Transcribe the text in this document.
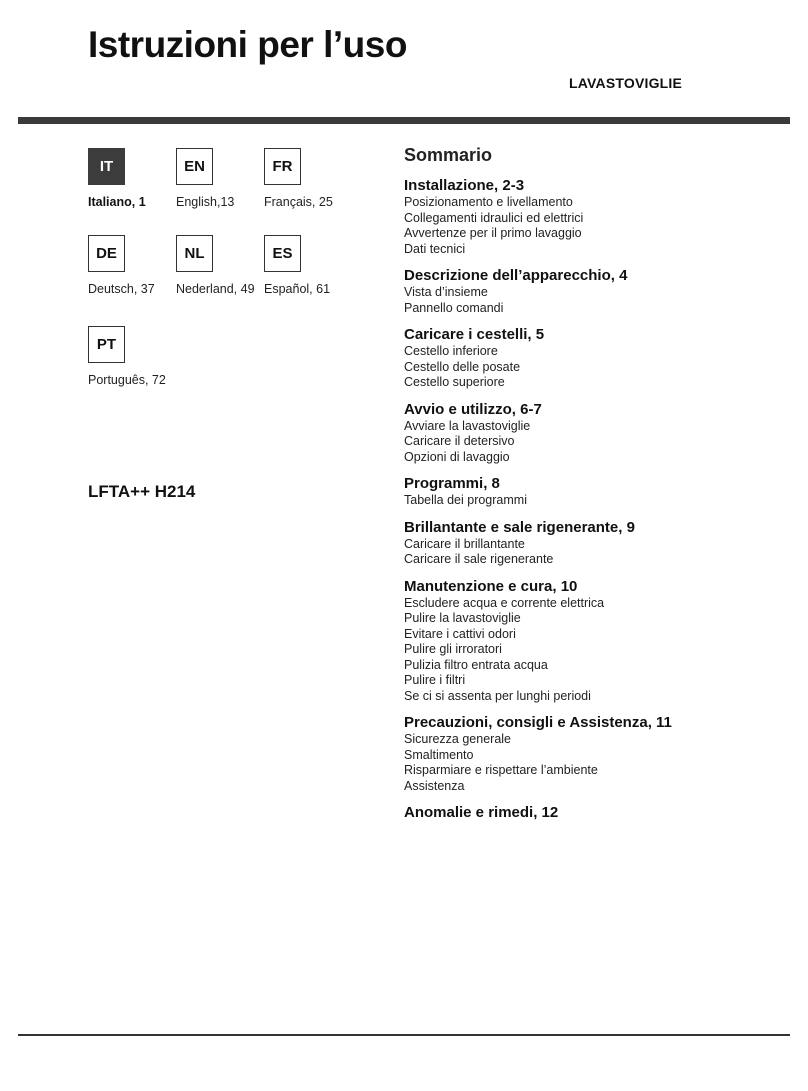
Istruzioni per l’uso
LAVASTOVIGLIE
IT
Italiano, 1
EN
English,13
FR
Français, 25
DE
Deutsch, 37
NL
Nederland, 49
ES
Español, 61
PT
Português, 72
LFTA++ H214
Sommario
Installazione, 2-3
Posizionamento e livellamento
Collegamenti idraulici ed elettrici
Avvertenze per il primo lavaggio
Dati tecnici
Descrizione dell’apparecchio, 4
Vista d’insieme
Pannello comandi
Caricare i cestelli, 5
Cestello inferiore
Cestello delle posate
Cestello superiore
Avvio e utilizzo, 6-7
Avviare la lavastoviglie
Caricare il detersivo
Opzioni di lavaggio
Programmi, 8
Tabella dei programmi
Brillantante e sale rigenerante, 9
Caricare il brillantante
Caricare il sale rigenerante
Manutenzione e cura, 10
Escludere acqua e corrente elettrica
Pulire la lavastoviglie
Evitare i cattivi odori
Pulire gli irroratori
Pulizia filtro entrata acqua
Pulire i filtri
Se ci si assenta per lunghi periodi
Precauzioni, consigli e Assistenza, 11
Sicurezza generale
Smaltimento
Risparmiare e rispettare l’ambiente
Assistenza
Anomalie e rimedi, 12
